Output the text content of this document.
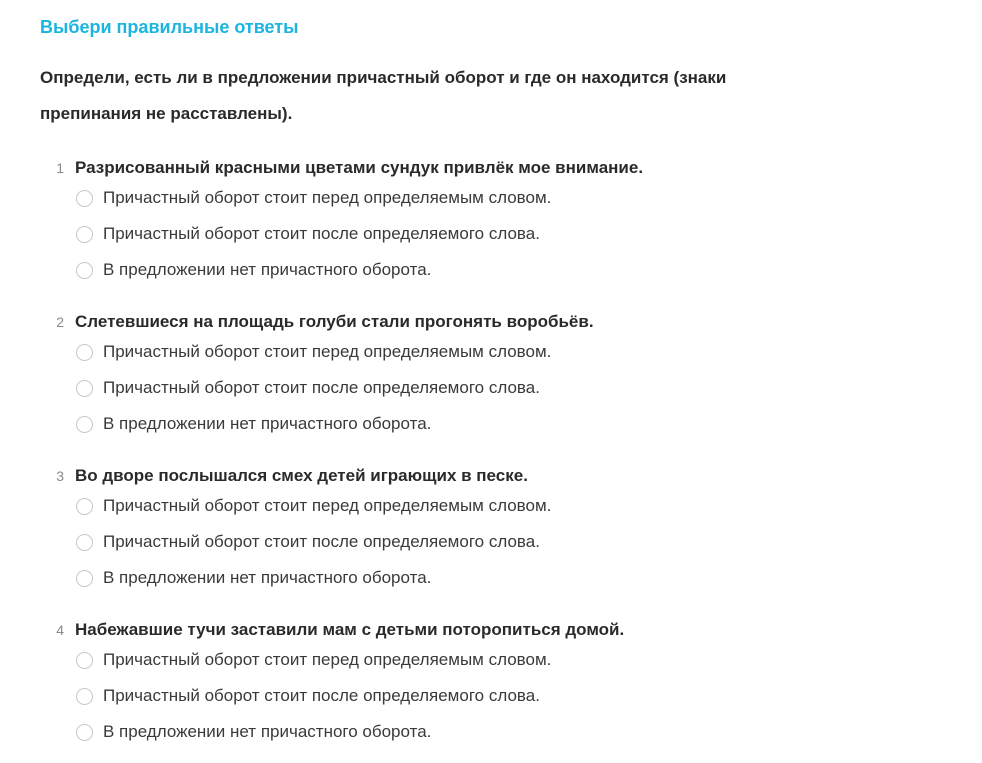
Выбери правильные ответы
Определи, есть ли в предложении причастный оборот и где он находится (знаки препинания не расставлены).
1 Разрисованный красными цветами сундук привлёк мое внимание.
Причастный оборот стоит перед определяемым словом.
Причастный оборот стоит после определяемого слова.
В предложении нет причастного оборота.
2 Слетевшиеся на площадь голуби стали прогонять воробьёв.
Причастный оборот стоит перед определяемым словом.
Причастный оборот стоит после определяемого слова.
В предложении нет причастного оборота.
3 Во дворе послышался смех детей играющих в песке.
Причастный оборот стоит перед определяемым словом.
Причастный оборот стоит после определяемого слова.
В предложении нет причастного оборота.
4 Набежавшие тучи заставили мам с детьми поторопиться домой.
Причастный оборот стоит перед определяемым словом.
Причастный оборот стоит после определяемого слова.
В предложении нет причастного оборота.
